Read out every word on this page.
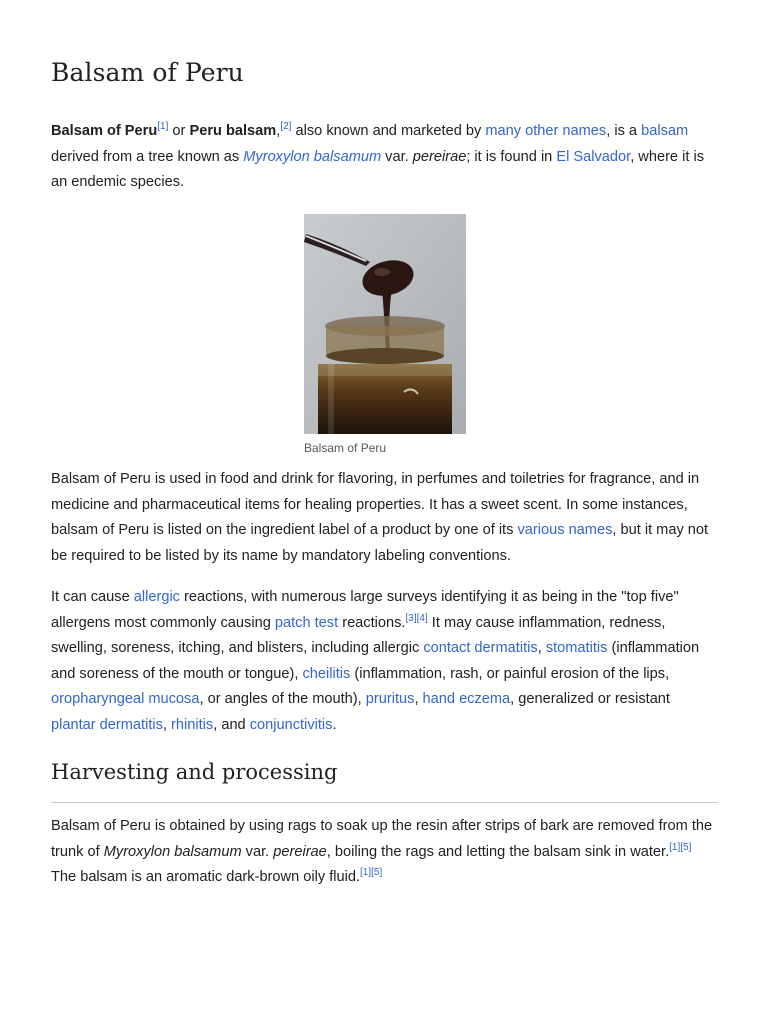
Balsam of Peru

Balsam of Peru[1] or Peru balsam,[2] also known and marketed by many other names, is a balsam derived from a tree known as Myroxylon balsamum var. pereirae; it is found in El Salvador, where it is an endemic species.

Balsam of Peru

Balsam of Peru is used in food and drink for flavoring, in perfumes and toiletries for fragrance, and in medicine and pharmaceutical items for healing properties. It has a sweet scent. In some instances, balsam of Peru is listed on the ingredient label of a product by one of its various names, but it may not be required to be listed by its name by mandatory labeling conventions.

It can cause allergic reactions, with numerous large surveys identifying it as being in the "top five" allergens most commonly causing patch test reactions.[3][4] It may cause inflammation, redness, swelling, soreness, itching, and blisters, including allergic contact dermatitis, stomatitis (inflammation and soreness of the mouth or tongue), cheilitis (inflammation, rash, or painful erosion of the lips, oropharyngeal mucosa, or angles of the mouth), pruritus, hand eczema, generalized or resistant plantar dermatitis, rhinitis, and conjunctivitis.

Harvesting and processing

Balsam of Peru is obtained by using rags to soak up the resin after strips of bark are removed from the trunk of Myroxylon balsamum var. pereirae, boiling the rags and letting the balsam sink in water.[1][5] The balsam is an aromatic dark-brown oily fluid.[1][5]
